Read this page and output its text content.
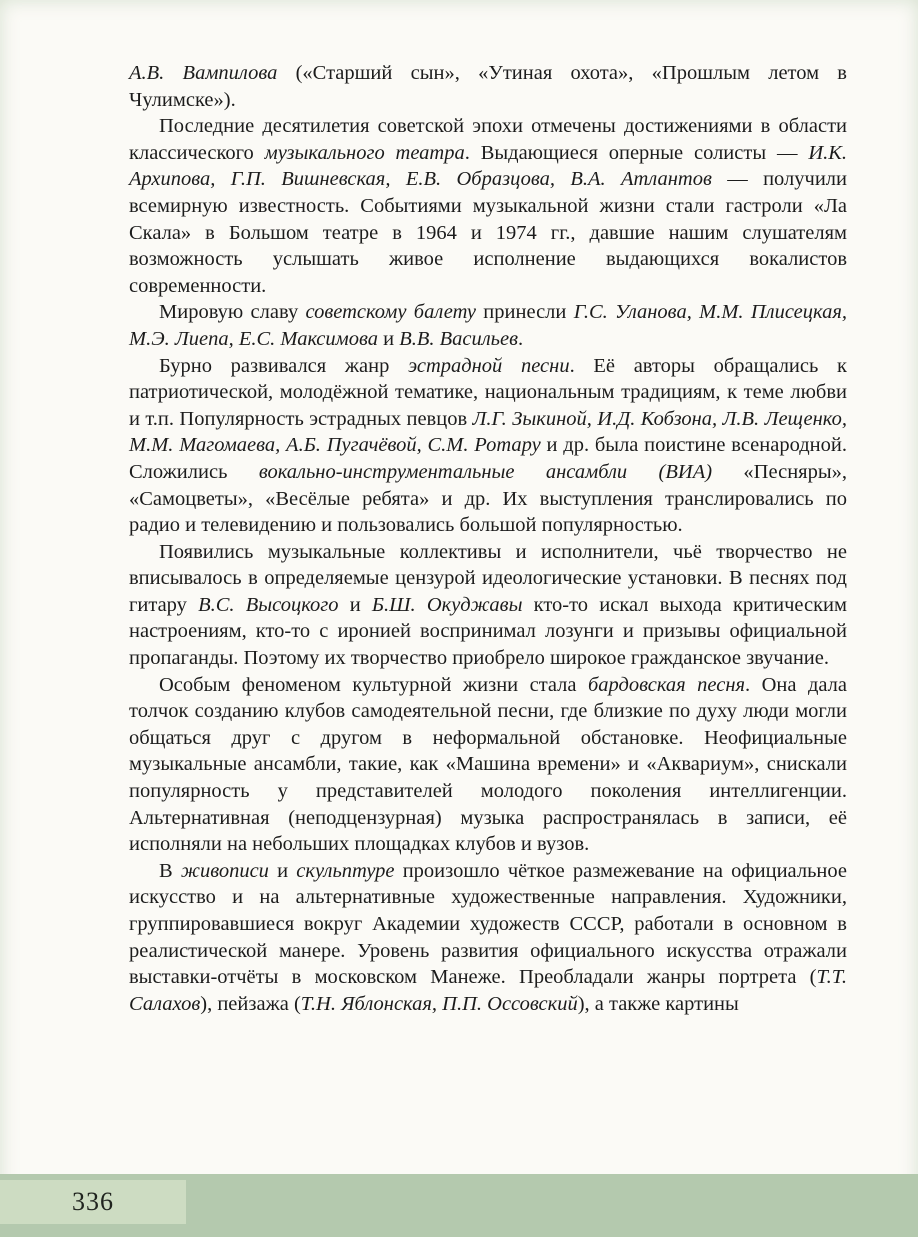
А.В. Вампилова («Старший сын», «Утиная охота», «Прошлым летом в Чулимске»).

Последние десятилетия советской эпохи отмечены достижениями в области классического музыкального театра. Выдающиеся оперные солисты — И.К. Архипова, Г.П. Вишневская, Е.В. Образцова, В.А. Атлантов — получили всемирную известность. Событиями музыкальной жизни стали гастроли «Ла Скала» в Большом театре в 1964 и 1974 гг., давшие нашим слушателям возможность услышать живое исполнение выдающихся вокалистов современности.

Мировую славу советскому балету принесли Г.С. Уланова, М.М. Плисецкая, М.Э. Лиепа, Е.С. Максимова и В.В. Васильев.

Бурно развивался жанр эстрадной песни. Её авторы обращались к патриотической, молодёжной тематике, национальным традициям, к теме любви и т.п. Популярность эстрадных певцов Л.Г. Зыкиной, И.Д. Кобзона, Л.В. Лещенко, М.М. Магомаева, А.Б. Пугачёвой, С.М. Ротару и др. была поистине всенародной. Сложились вокально-инструментальные ансамбли (ВИА) «Песняры», «Самоцветы», «Весёлые ребята» и др. Их выступления транслировались по радио и телевидению и пользовались большой популярностью.

Появились музыкальные коллективы и исполнители, чьё творчество не вписывалось в определяемые цензурой идеологические установки. В песнях под гитару В.С. Высоцкого и Б.Ш. Окуджавы кто-то искал выхода критическим настроениям, кто-то с иронией воспринимал лозунги и призывы официальной пропаганды. Поэтому их творчество приобрело широкое гражданское звучание.

Особым феноменом культурной жизни стала бардовская песня. Она дала толчок созданию клубов самодеятельной песни, где близкие по духу люди могли общаться друг с другом в неформальной обстановке. Неофициальные музыкальные ансамбли, такие, как «Машина времени» и «Аквариум», снискали популярность у представителей молодого поколения интеллигенции. Альтернативная (неподцензурная) музыка распространялась в записи, её исполняли на небольших площадках клубов и вузов.

В живописи и скульптуре произошло чёткое размежевание на официальное искусство и на альтернативные художественные направления. Художники, группировавшиеся вокруг Академии художеств СССР, работали в основном в реалистической манере. Уровень развития официального искусства отражали выставки-отчёты в московском Манеже. Преобладали жанры портрета (Т.Т. Салахов), пейзажа (Т.Н. Яблонская, П.П. Оссовский), а также картины

336
